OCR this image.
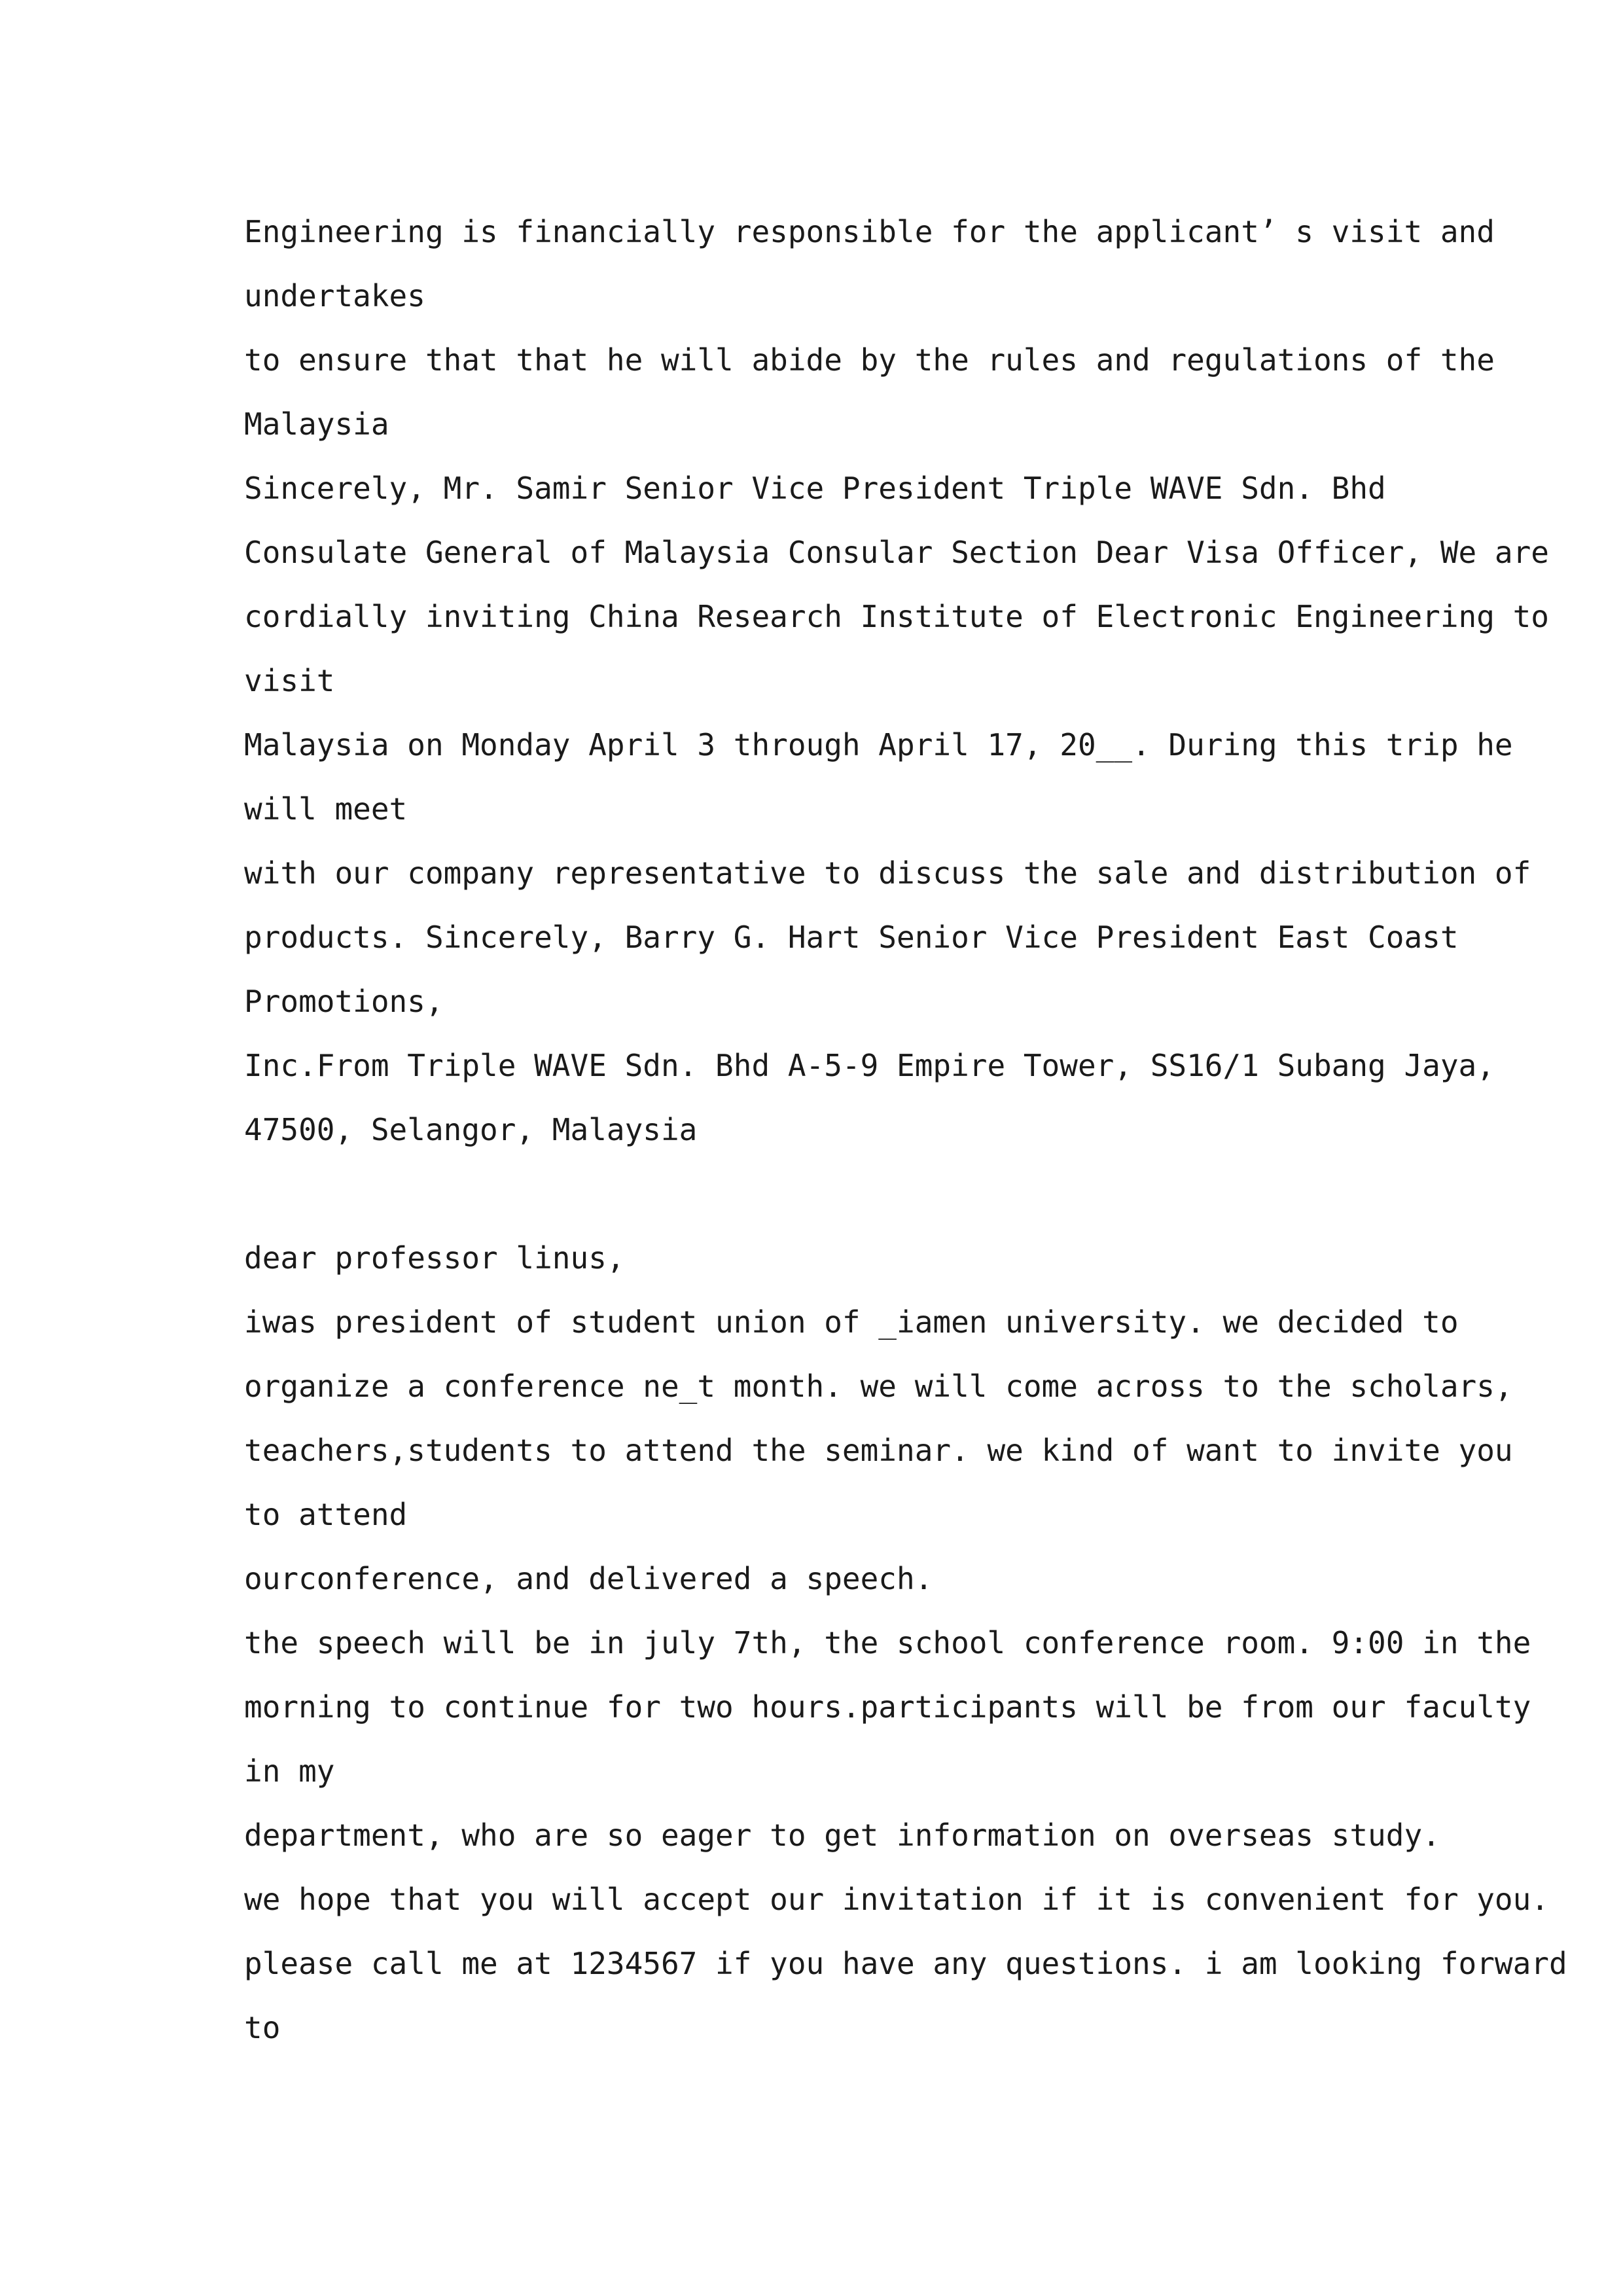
Engineering is financially responsible for the applicant’ s visit and
undertakes
to ensure that that he will abide by the rules and regulations of the
Malaysia
Sincerely, Mr. Samir Senior Vice President Triple WAVE Sdn. Bhd
Consulate General of Malaysia Consular Section Dear Visa Officer, We are
cordially inviting China Research Institute of Electronic Engineering to
visit
Malaysia on Monday April 3 through April 17, 20__. During this trip he
will meet
with our company representative to discuss the sale and distribution of
products. Sincerely, Barry G. Hart Senior Vice President East Coast
Promotions,
Inc.From Triple WAVE Sdn. Bhd A-5-9 Empire Tower, SS16/1 Subang Jaya,
47500, Selangor, Malaysia
dear professor linus,
iwas president of student union of _iamen university. we decided to
organize a conference ne_t month. we will come across to the scholars,
teachers,students to attend the seminar. we kind of want to invite you
to attend
ourconference, and delivered a speech.
the speech will be in july 7th, the school conference room. 9:00 in the
morning to continue for two hours.participants will be from our faculty
in my
department, who are so eager to get information on overseas study.
we hope that you will accept our invitation if it is convenient for you.
please call me at 1234567 if you have any questions. i am looking forward
to
